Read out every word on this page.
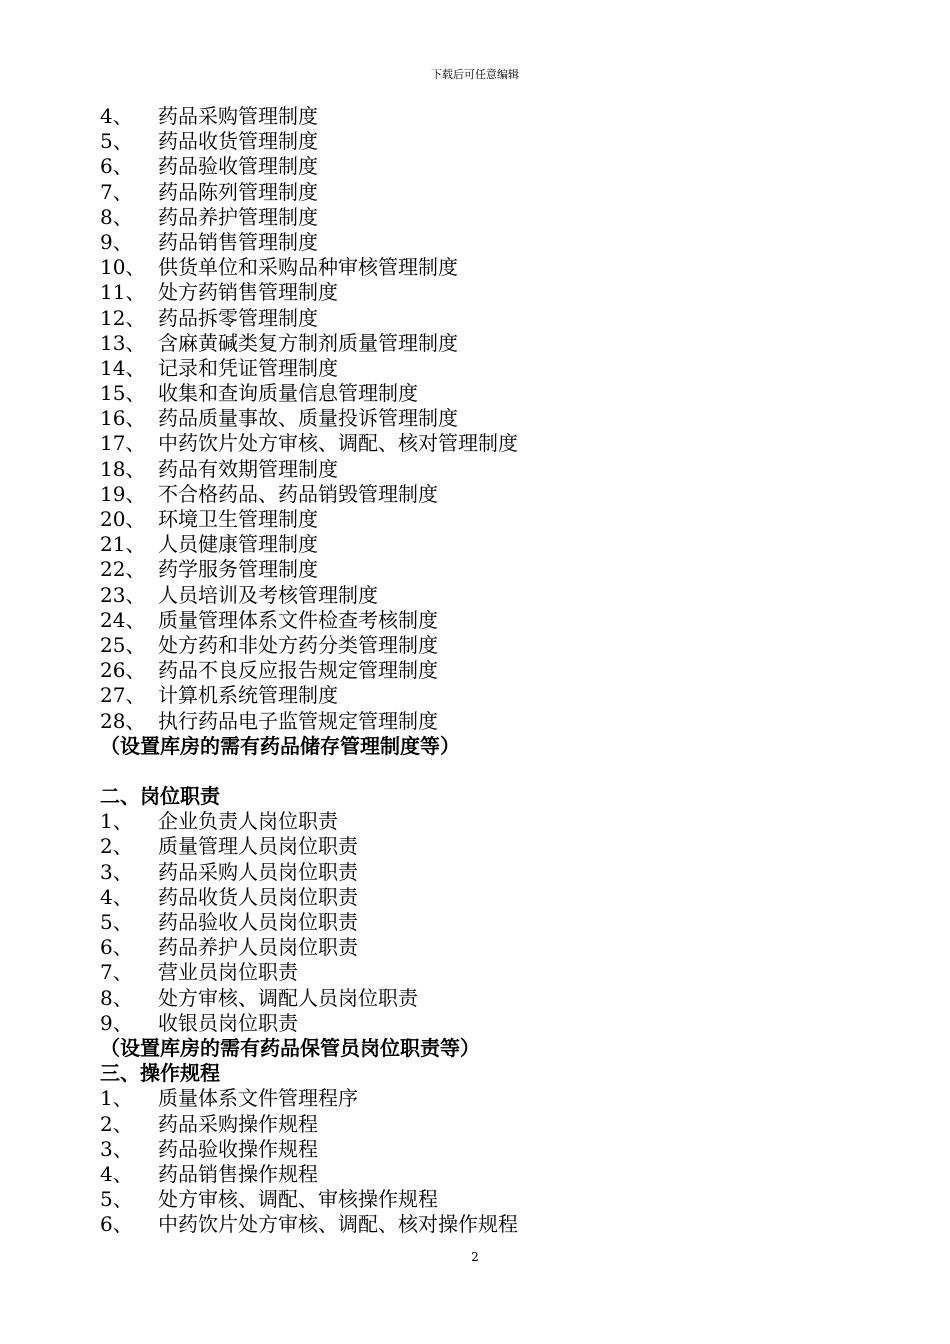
下载后可任意编辑
4、 药品采购管理制度
5、 药品收货管理制度
6、 药品验收管理制度
7、 药品陈列管理制度
8、 药品养护管理制度
9、 药品销售管理制度
10、 供货单位和采购品种审核管理制度
11、 处方药销售管理制度
12、 药品拆零管理制度
13、 含麻黄碱类复方制剂质量管理制度
14、 记录和凭证管理制度
15、 收集和查询质量信息管理制度
16、 药品质量事故、质量投诉管理制度
17、 中药饮片处方审核、调配、核对管理制度
18、 药品有效期管理制度
19、 不合格药品、药品销毁管理制度
20、 环境卫生管理制度
21、 人员健康管理制度
22、 药学服务管理制度
23、 人员培训及考核管理制度
24、 质量管理体系文件检查考核制度
25、 处方药和非处方药分类管理制度
26、 药品不良反应报告规定管理制度
27、 计算机系统管理制度
28、 执行药品电子监管规定管理制度
（设置库房的需有药品储存管理制度等）
二、岗位职责
1、 企业负责人岗位职责
2、 质量管理人员岗位职责
3、 药品采购人员岗位职责
4、 药品收货人员岗位职责
5、 药品验收人员岗位职责
6、 药品养护人员岗位职责
7、 营业员岗位职责
8、 处方审核、调配人员岗位职责
9、 收银员岗位职责
（设置库房的需有药品保管员岗位职责等）
三、操作规程
1、 质量体系文件管理程序
2、 药品采购操作规程
3、 药品验收操作规程
4、 药品销售操作规程
5、 处方审核、调配、审核操作规程
6、 中药饮片处方审核、调配、核对操作规程
2
